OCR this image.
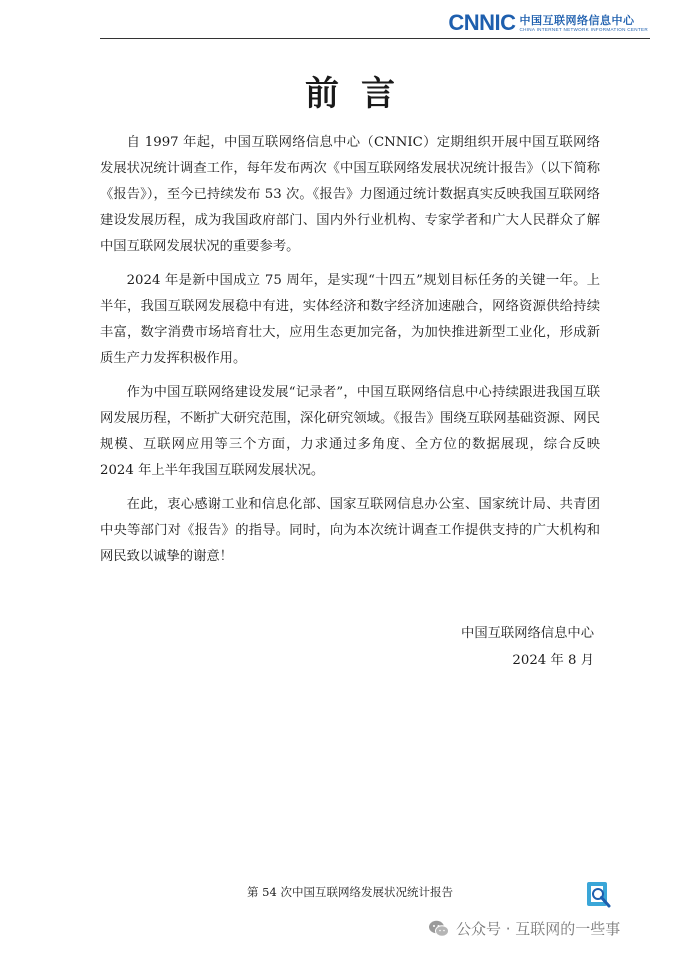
CNNIC 中国互联网络信息中心
CHINA INTERNET NETWORK INFORMATION CENTER
前言

自 1997 年起，中国互联网络信息中心（CNNIC）定期组织开展中国互联网络发展状况统计调查工作，每年发布两次《中国互联网络发展状况统计报告》（以下简称《报告》），至今已持续发布 53 次。《报告》力图通过统计数据真实反映我国互联网络建设发展历程，成为我国政府部门、国内外行业机构、专家学者和广大人民群众了解中国互联网发展状况的重要参考。

2024 年是新中国成立 75 周年，是实现“十四五”规划目标任务的关键一年。上半年，我国互联网发展稳中有进，实体经济和数字经济加速融合，网络资源供给持续丰富，数字消费市场培育壮大，应用生态更加完备，为加快推进新型工业化，形成新质生产力发挥积极作用。

作为中国互联网络建设发展“记录者”，中国互联网络信息中心持续跟进我国互联网发展历程，不断扩大研究范围，深化研究领域。《报告》围绕互联网基础资源、网民规模、互联网应用等三个方面，力求通过多角度、全方位的数据展现，综合反映 2024 年上半年我国互联网发展状况。

在此，衷心感谢工业和信息化部、国家互联网信息办公室、国家统计局、共青团中央等部门对《报告》的指导。同时，向为本次统计调查工作提供支持的广大机构和网民致以诚挚的谢意！

中国互联网络信息中心
2024 年 8 月
第 54 次中国互联网络发展状况统计报告
公众号 · 互联网的一些事
